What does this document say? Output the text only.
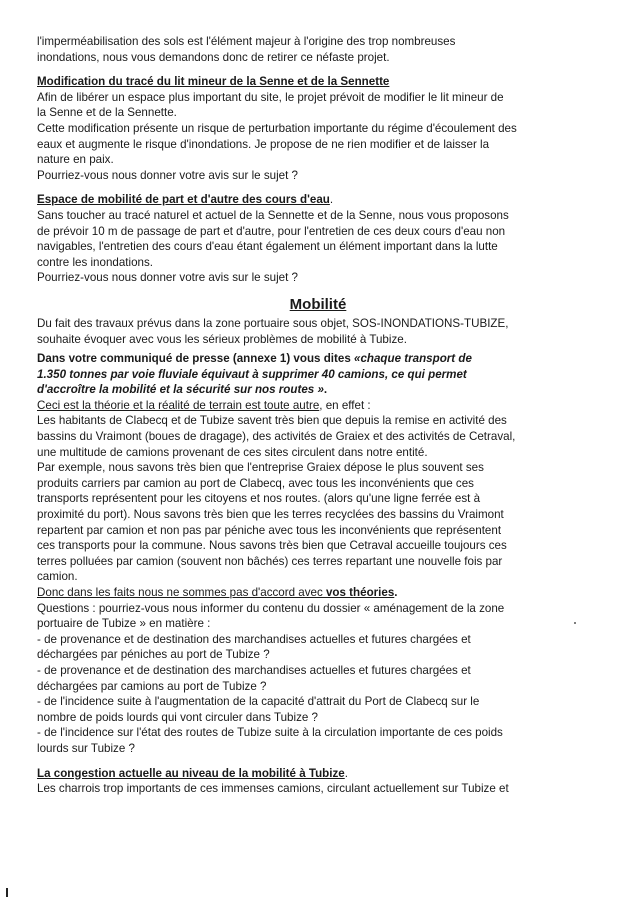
l'imperméabilisation des sols est l'élément majeur à l'origine des trop nombreuses

inondations, nous vous demandons donc de retirer ce néfaste projet.

Modification du tracé du lit mineur de la Senne et de la Sennette

Afin de libérer un espace plus important du site, le projet prévoit de modifier le lit mineur de

la Senne et de la Sennette.

Cette modification présente un risque de perturbation importante du régime d'écoulement des

eaux et augmente le risque d'inondations. Je propose de ne rien modifier et de laisser la

nature en paix.

Pourriez-vous nous donner votre avis sur le sujet ?

Espace de mobilité de part et d'autre des cours d'eau.

Sans toucher au tracé naturel et actuel de la Sennette et de la Senne, nous vous proposons

de prévoir 10 m de passage de part et d'autre, pour l'entretien de ces deux cours d'eau non

navigables, l'entretien des cours d'eau étant également un élément important dans la lutte

contre les inondations.

Pourriez-vous nous donner votre avis sur le sujet ?

Mobilité

Du fait des travaux prévus dans la zone portuaire sous objet, SOS-INONDATIONS-TUBIZE,

souhaite évoquer avec vous les sérieux problèmes de mobilité à Tubize.

Dans votre communiqué de presse (annexe 1) vous dites «chaque transport de

1.350 tonnes par voie fluviale équivaut à supprimer 40 camions, ce qui permet

d'accroître la mobilité et la sécurité sur nos routes ».

Ceci est la théorie et la réalité de terrain est toute autre, en effet :

Les habitants de Clabecq et de Tubize savent très bien que depuis la remise en activité des

bassins du Vraimont (boues de dragage), des activités de Graiex et des activités de Cetraval,

une multitude de camions provenant de ces sites circulent dans notre entité.

Par exemple, nous savons très bien que l'entreprise Graiex dépose le plus souvent ses

produits carriers par camion au port de Clabecq, avec tous les inconvénients que ces

transports représentent pour les citoyens et nos routes. (alors qu'une ligne ferrée est à

proximité du port). Nous savons très bien que les terres recyclées des bassins du Vraimont

repartent par camion et non pas par péniche avec tous les inconvénients que représentent

ces transports pour la commune. Nous savons très bien que Cetraval accueille toujours ces

terres polluées par camion (souvent non bâchés) ces terres repartant une nouvelle fois par

camion.

Donc dans les faits nous ne sommes pas d'accord avec vos théories.

Questions : pourriez-vous nous informer du contenu du dossier « aménagement de la zone

portuaire de Tubize » en matière :

- de provenance et de destination des marchandises actuelles et futures chargées et

déchargées par péniches au port de Tubize ?

- de provenance et de destination des marchandises actuelles et futures chargées et

déchargées par camions au port de Tubize ?

- de l'incidence suite à l'augmentation de la capacité d'attrait du Port de Clabecq sur le

nombre de poids lourds qui vont circuler dans Tubize ?

- de l'incidence sur l'état des routes de Tubize suite à la circulation importante de ces poids

lourds sur Tubize ?

La congestion actuelle au niveau de la mobilité à Tubize.

Les charrois trop importants de ces immenses camions, circulant actuellement sur Tubize et
